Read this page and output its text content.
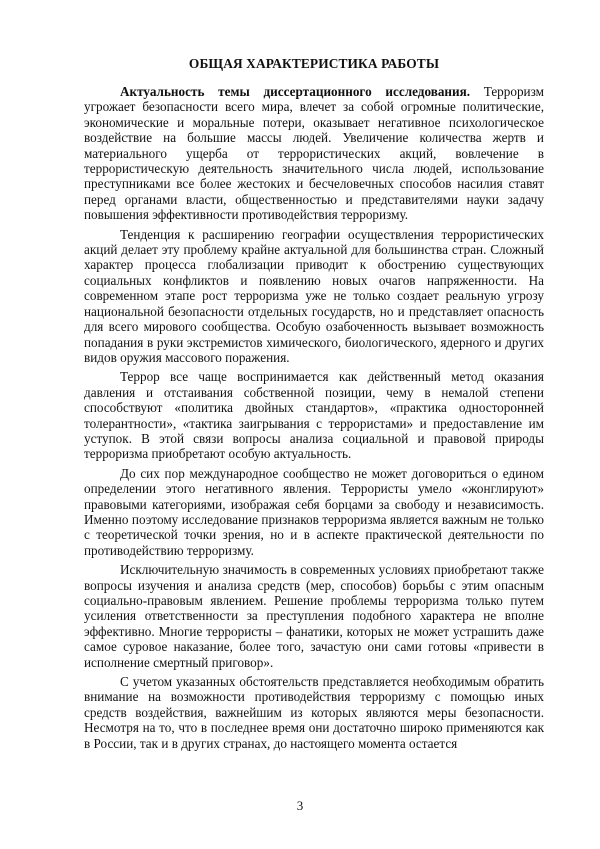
ОБЩАЯ ХАРАКТЕРИСТИКА РАБОТЫ

Актуальность темы диссертационного исследования. Терроризм угрожает безопасности всего мира, влечет за собой огромные политические, экономические и моральные потери, оказывает негативное психологическое воздействие на большие массы людей. Увеличение количества жертв и материального ущерба от террористических акций, вовлечение в террористическую деятельность значительного числа людей, использование преступниками все более жестоких и бесчеловечных способов насилия ставят перед органами власти, общественностью и представителями науки задачу повышения эффективности противодействия терроризму.

Тенденция к расширению географии осуществления террористических акций делает эту проблему крайне актуальной для большинства стран. Сложный характер процесса глобализации приводит к обострению существующих социальных конфликтов и появлению новых очагов напряженности. На современном этапе рост терроризма уже не только создает реальную угрозу национальной безопасности отдельных государств, но и представляет опасность для всего мирового сообщества. Особую озабоченность вызывает возможность попадания в руки экстремистов химического, биологического, ядерного и других видов оружия массового поражения.

Террор все чаще воспринимается как действенный метод оказания давления и отстаивания собственной позиции, чему в немалой степени способствуют «политика двойных стандартов», «практика односторонней толерантности», «тактика заигрывания с террористами» и предоставление им уступок. В этой связи вопросы анализа социальной и правовой природы терроризма приобретают особую актуальность.

До сих пор международное сообщество не может договориться о едином определении этого негативного явления. Террористы умело «жонглируют» правовыми категориями, изображая себя борцами за свободу и независимость. Именно поэтому исследование признаков терроризма является важным не только с теоретической точки зрения, но и в аспекте практической деятельности по противодействию терроризму.

Исключительную значимость в современных условиях приобретают также вопросы изучения и анализа средств (мер, способов) борьбы с этим опасным социально-правовым явлением. Решение проблемы терроризма только путем усиления ответственности за преступления подобного характера не вполне эффективно. Многие террористы – фанатики, которых не может устрашить даже самое суровое наказание, более того, зачастую они сами готовы «привести в исполнение смертный приговор».

С учетом указанных обстоятельств представляется необходимым обратить внимание на возможности противодействия терроризму с помощью иных средств воздействия, важнейшим из которых являются меры безопасности. Несмотря на то, что в последнее время они достаточно широко применяются как в России, так и в других странах, до настоящего момента остается

3
